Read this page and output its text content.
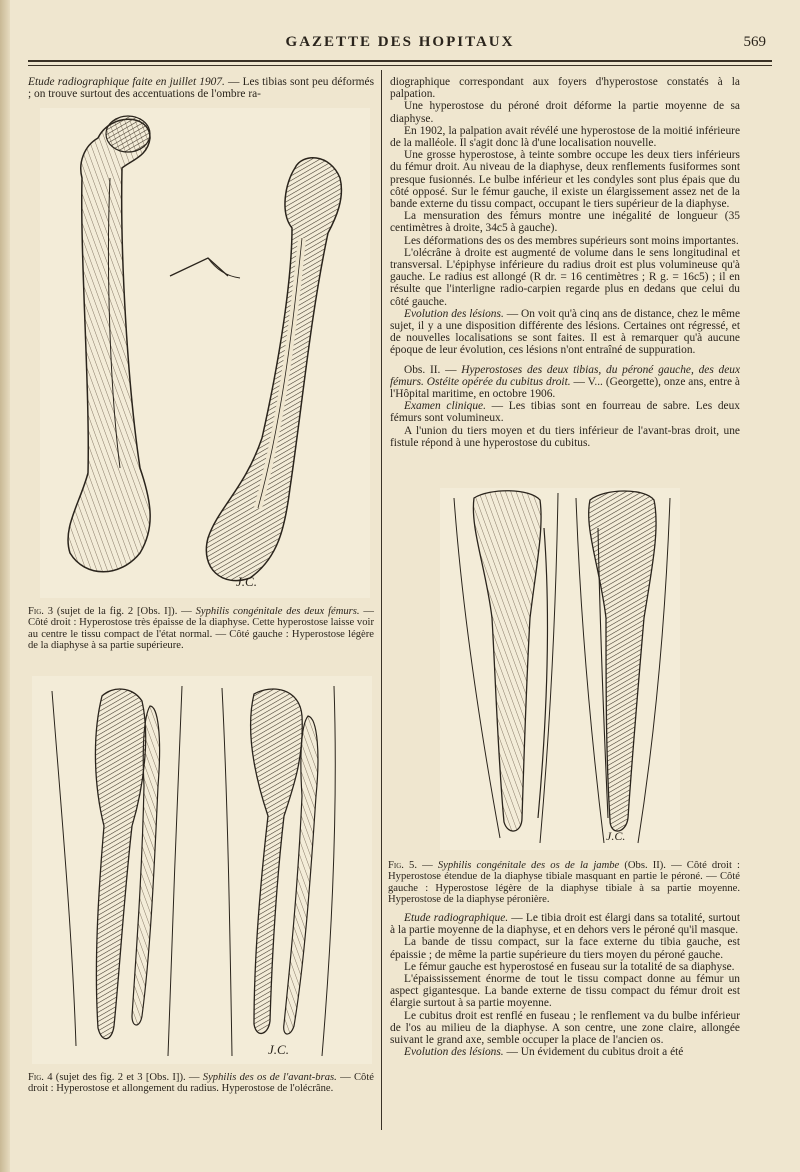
GAZETTE DES HOPITAUX	569

Etude radiographique faite en juillet 1907. — Les tibias sont peu déformés ; on trouve surtout des accentuations de l'ombre ra-

J.C.
Fig. 3 (sujet de la fig. 2 [Obs. I]). — Syphilis congénitale des deux fémurs. — Côté droit : Hyperostose très épaisse de la diaphyse. Cette hyperostose laisse voir au centre le tissu compact de l'état normal. — Côté gauche : Hyperostose légère de la diaphyse à sa partie supérieure.
J.C.
Fig. 4 (sujet des fig. 2 et 3 [Obs. I]). — Syphilis des os de l'avant-bras. — Côté droit : Hyperostose et allongement du radius. Hyperostose de l'olécrâne.

diographique correspondant aux foyers d'hyperostose constatés à la palpation.

Une hyperostose du péroné droit déforme la partie moyenne de sa diaphyse.

En 1902, la palpation avait révélé une hyperostose de la moitié inférieure de la malléole. Il s'agit donc là d'une localisation nouvelle.

Une grosse hyperostose, à teinte sombre occupe les deux tiers inférieurs du fémur droit. Au niveau de la diaphyse, deux renflements fusiformes sont presque fusionnés. Le bulbe inférieur et les condyles sont plus épais que du côté opposé. Sur le fémur gauche, il existe un élargissement assez net de la bande externe du tissu compact, occupant le tiers supérieur de la diaphyse.

La mensuration des fémurs montre une inégalité de longueur (35 centimètres à droite, 34c5 à gauche).

Les déformations des os des membres supérieurs sont moins importantes.

L'olécrâne à droite est augmenté de volume dans le sens longitudinal et transversal. L'épiphyse inférieure du radius droit est plus volumineuse qu'à gauche. Le radius est allongé (R dr. = 16 centimètres ; R g. = 16c5) ; il en résulte que l'interligne radio-carpien regarde plus en dedans que celui du côté gauche.

Evolution des lésions. — On voit qu'à cinq ans de distance, chez le même sujet, il y a une disposition différente des lésions. Certaines ont régressé, et de nouvelles localisations se sont faites. Il est à remarquer qu'à aucune époque de leur évolution, ces lésions n'ont entraîné de suppuration.

Obs. II. — Hyperostoses des deux tibias, du péroné gauche, des deux fémurs. Ostéite opérée du cubitus droit. — V... (Georgette), onze ans, entre à l'Hôpital maritime, en octobre 1906.

Examen clinique. — Les tibias sont en fourreau de sabre. Les deux fémurs sont volumineux.

A l'union du tiers moyen et du tiers inférieur de l'avant-bras droit, une fistule répond à une hyperostose du cubitus.

J.C.
Fig. 5. — Syphilis congénitale des os de la jambe (Obs. II). — Côté droit : Hyperostose étendue de la diaphyse tibiale masquant en partie le péroné. — Côté gauche : Hyperostose légère de la diaphyse tibiale à sa partie moyenne. Hyperostose de la diaphyse péronière.

Etude radiographique. — Le tibia droit est élargi dans sa totalité, surtout à la partie moyenne de la diaphyse, et en dehors vers le péroné qu'il masque.

La bande de tissu compact, sur la face externe du tibia gauche, est épaissie ; de même la partie supérieure du tiers moyen du péroné gauche.

Le fémur gauche est hyperostosé en fuseau sur la totalité de sa diaphyse.

L'épaississement énorme de tout le tissu compact donne au fémur un aspect gigantesque. La bande externe de tissu compact du fémur droit est élargie surtout à sa partie moyenne.

Le cubitus droit est renflé en fuseau ; le renflement va du bulbe inférieur de l'os au milieu de la diaphyse. A son centre, une zone claire, allongée suivant le grand axe, semble occuper la place de l'ancien os.

Evolution des lésions. — Un évidement du cubitus droit a été
